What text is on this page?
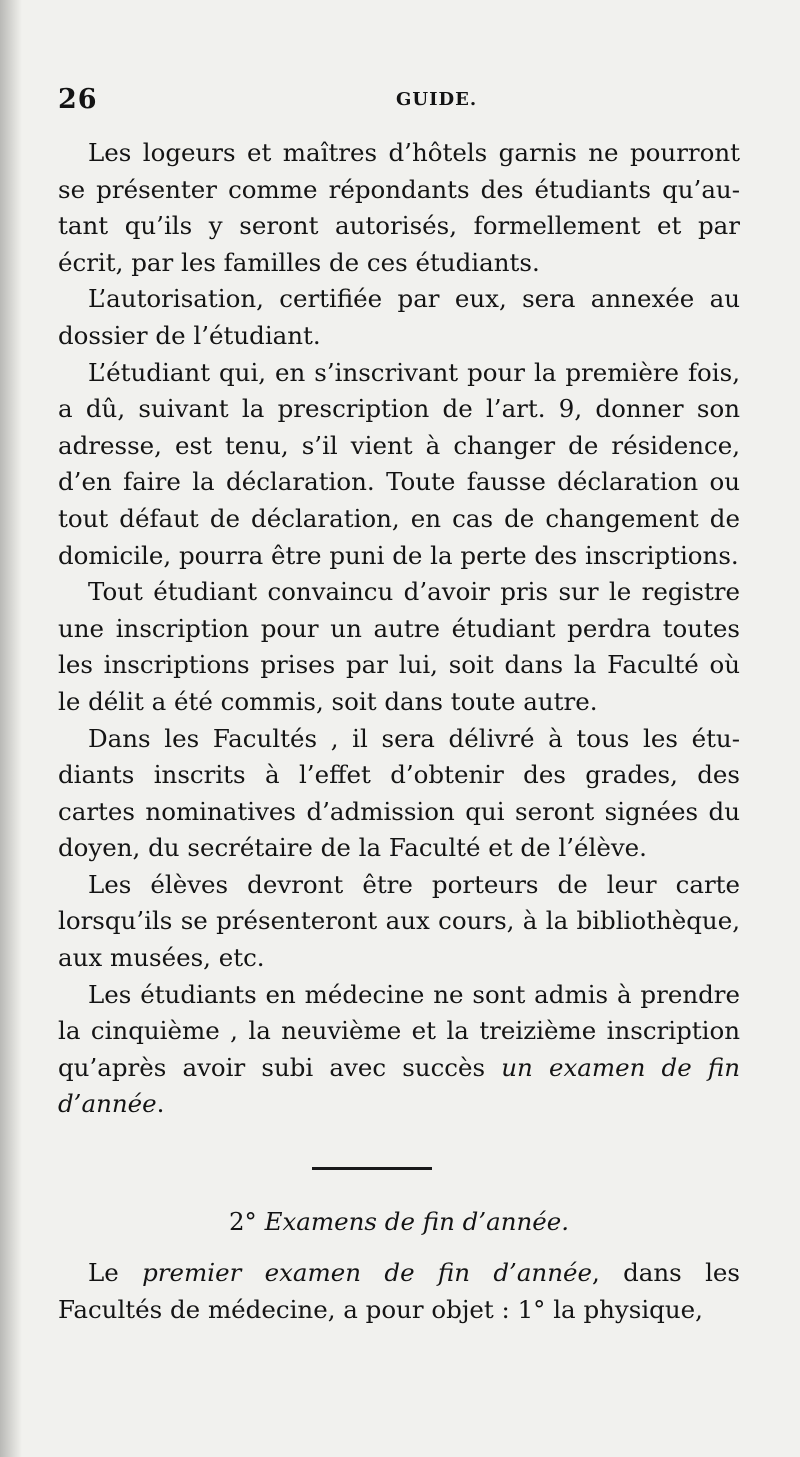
26	GUIDE.

Les logeurs et maîtres d’hôtels garnis ne pourront se présenter comme répondants des étudiants qu’autant qu’ils y seront autorisés, formellement et par écrit, par les familles de ces étudiants.

L’autorisation, certifiée par eux, sera annexée au dossier de l’étudiant.

L’étudiant qui, en s’inscrivant pour la première fois, a dû, suivant la prescription de l’art. 9, donner son adresse, est tenu, s’il vient à changer de résidence, d’en faire la déclaration. Toute fausse déclaration ou tout défaut de déclaration, en cas de changement de domicile, pourra être puni de la perte des inscriptions.

Tout étudiant convaincu d’avoir pris sur le registre une inscription pour un autre étudiant perdra toutes les inscriptions prises par lui, soit dans la Faculté où le délit a été commis, soit dans toute autre.

Dans les Facultés , il sera délivré à tous les étudiants inscrits à l’effet d’obtenir des grades, des cartes nominatives d’admission qui seront signées du doyen, du secrétaire de la Faculté et de l’élève.

Les élèves devront être porteurs de leur carte lorsqu’ils se présenteront aux cours, à la bibliothèque, aux musées, etc.

Les étudiants en médecine ne sont admis à prendre la cinquième , la neuvième et la treizième inscription qu’après avoir subi avec succès un examen de fin d’année.

2° Examens de fin d’année.

Le premier examen de fin d’année, dans les Facultés de médecine, a pour objet : 1° la physique,
